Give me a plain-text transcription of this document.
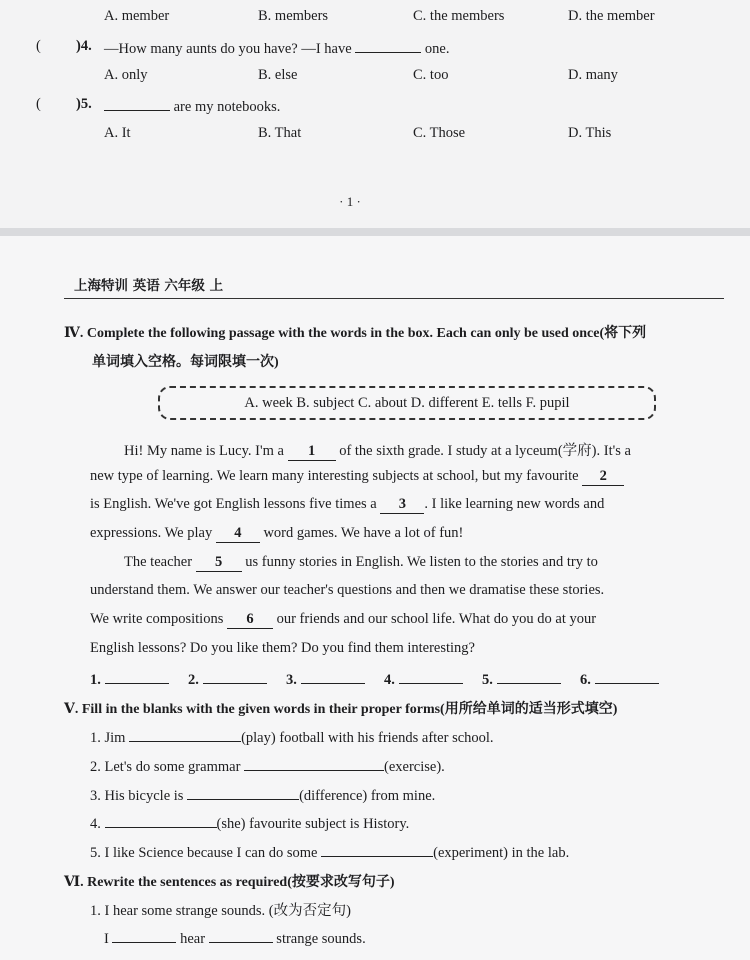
A. member	B. members	C. the members	D. the member
( )4. —How many aunts do you have? —I have	one.
A. only	B. else	C. too	D. many
( )5.	are my notebooks.
A. It	B. That	C. Those	D. This
· 1 ·
上海特训 英语 六年级 上
Ⅳ. Complete the following passage with the words in the box. Each can only be used once(将下列
单词填入空格。每词限填一次)
A. week B. subject C. about D. different E. tells F. pupil
Hi! My name is Lucy. I'm a 1 of the sixth grade. I study at a lyceum(学府). It's a
new type of learning. We learn many interesting subjects at school, but my favourite 2
is English. We've got English lessons five times a 3 . I like learning new words and
expressions. We play 4 word games. We have a lot of fun!
The teacher 5 us funny stories in English. We listen to the stories and try to
understand them. We answer our teacher's questions and then we dramatise these stories.
We write compositions 6 our friends and our school life. What do you do at your
English lessons? Do you like them? Do you find them interesting?
1.	2.	3.	4.	5.	6.
Ⅴ. Fill in the blanks with the given words in their proper forms(用所给单词的适当形式填空)
1. Jim	(play) football with his friends after school.
2. Let's do some grammar	(exercise).
3. His bicycle is	(difference) from mine.
4.	(she) favourite subject is History.
5. I like Science because I can do some	(experiment) in the lab.
Ⅵ. Rewrite the sentences as required(按要求改写句子)
1. I hear some strange sounds. (改为否定句)
I	hear	strange sounds.
